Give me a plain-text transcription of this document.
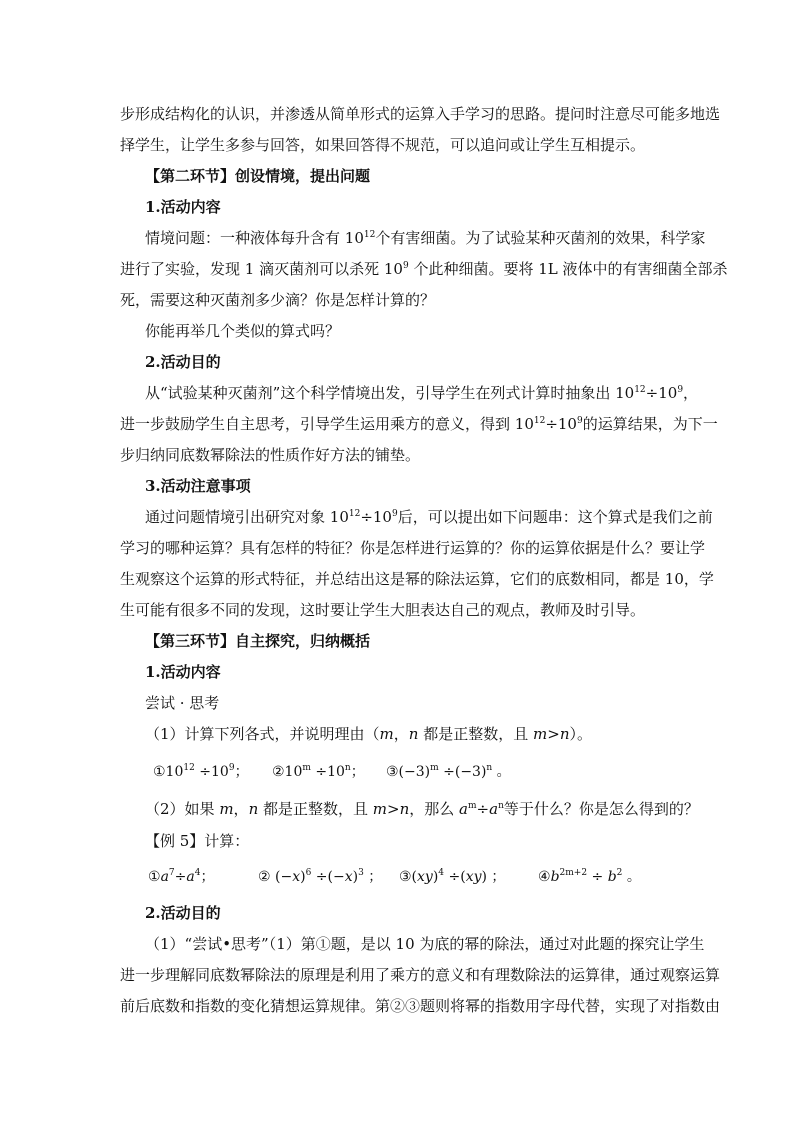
步形成结构化的认识，并渗透从简单形式的运算入手学习的思路。提问时注意尽可能多地选
择学生，让学生多参与回答，如果回答得不规范，可以追问或让学生互相提示。
【第二环节】创设情境，提出问题
1.活动内容
情境问题：一种液体每升含有 $10^{12}$个有害细菌。为了试验某种灭菌剂的效果，科学家
进行了实验，发现 1 滴灭菌剂可以杀死 $10^9$ 个此种细菌。要将 1L 液体中的有害细菌全部杀
死，需要这种灭菌剂多少滴？你是怎样计算的？
你能再举几个类似的算式吗？
2.活动目的
从“试验某种灭菌剂”这个科学情境出发，引导学生在列式计算时抽象出 $10^{12}\div 10^9$，
进一步鼓励学生自主思考，引导学生运用乘方的意义，得到 $10^{12}\div 10^9$的运算结果，为下一
步归纳同底数幂除法的性质作好方法的铺垫。
3.活动注意事项
通过问题情境引出研究对象 $10^{12}\div 10^9$后，可以提出如下问题串：这个算式是我们之前
学习的哪种运算？具有怎样的特征？你是怎样进行运算的？你的运算依据是什么？要让学
生观察这个运算的形式特征，并总结出这是幂的除法运算，它们的底数相同，都是 10，学
生可能有很多不同的发现，这时要让学生大胆表达自己的观点，教师及时引导。
【第三环节】自主探究，归纳概括
1.活动内容
尝试 · 思考
（1）计算下列各式，并说明理由（m，n 都是正整数，且 m>n）。
$①10^{12} \div 10^9$； $②10^m \div 10^n$； $③(-3)^m \div(-3)^n$ 。
（2）如果 m，n 都是正整数，且 m>n，那么 $a^m\div a^n$等于什么？你是怎么得到的？
【例 5】计算：
$①a^7\div a^4$；	② $(-x)^6 \div(-x)^3$ ； ③(xy)$^4$ ÷(xy) ； $④b^{2m+2} \div b^2$ 。
2.活动目的
（1）“尝试•思考”（1）第①题，是以 10 为底的幂的除法，通过对此题的探究让学生
进一步理解同底数幂除法的原理是利用了乘方的意义和有理数除法的运算律，通过观察运算
前后底数和指数的变化猜想运算规律。第②③题则将幂的指数用字母代替，实现了对指数由
